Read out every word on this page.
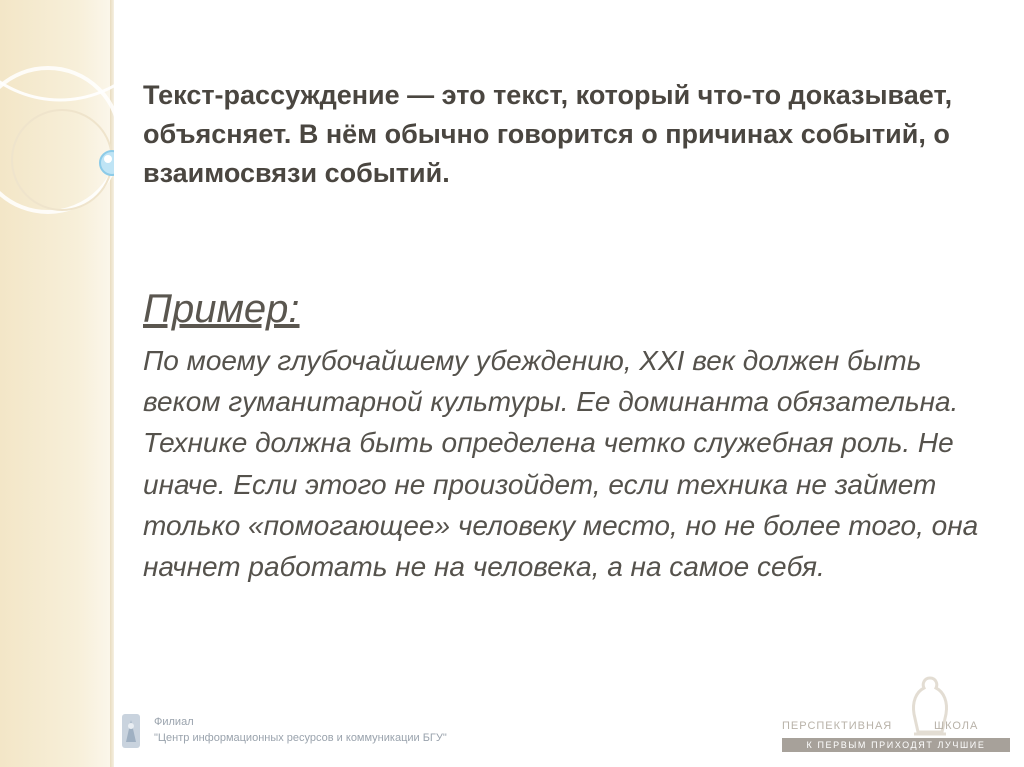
Текст-рассуждение — это текст, который что-то доказывает, объясняет. В нём обычно говорится о причинах событий, о взаимосвязи событий.
Пример:
По моему глубочайшему убеждению, XXI век должен быть веком гуманитарной культуры. Ее доминанта обязательна. Технике должна быть определена четко служебная роль. Не иначе. Если этого не произойдет, если техника не займет только «помогающее» человеку место, но не более того, она начнет работать не на человека, а на самое себя.
Филиал
"Центр информационных ресурсов и коммуникации БГУ"
ПЕРСПЕКТИВНАЯ	ШКОЛА
К ПЕРВЫМ ПРИХОДЯТ ЛУЧШИЕ
